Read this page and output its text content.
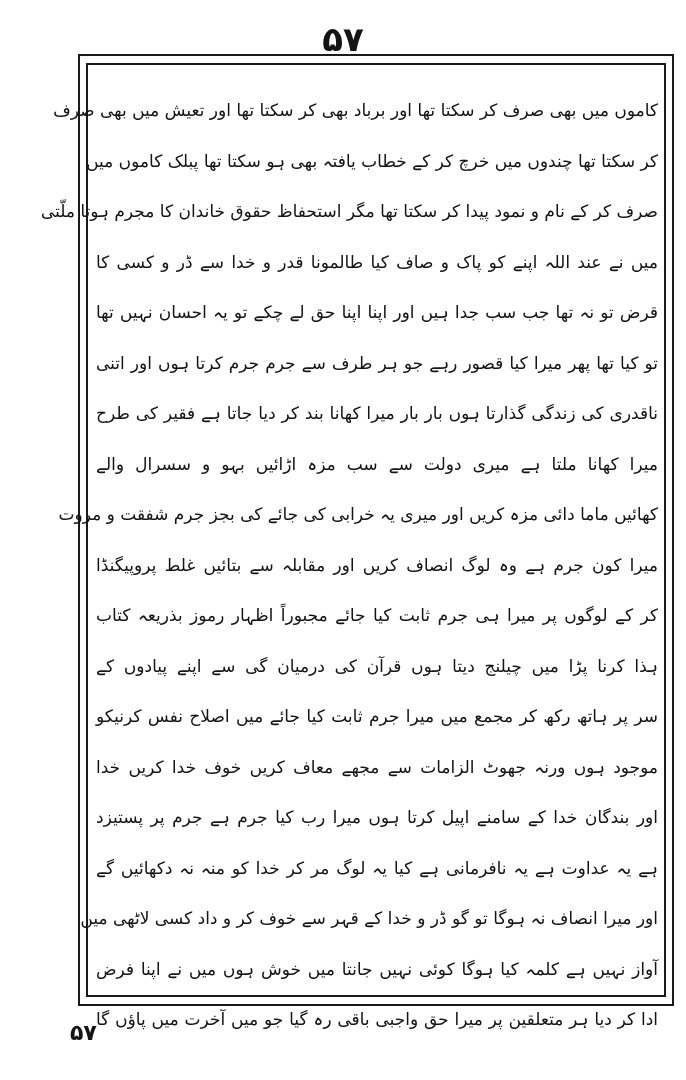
۵۷
کاموں میں بھی صرف کر سکتا تھا اور برباد بھی کر سکتا تھا اور تعیش میں بھی صرف
کر سکتا تھا چندوں میں خرچ کر کے خطاب یافتہ بھی ہو سکتا تھا پبلک کاموں میں
صرف کر کے نام و نمود پیدا کر سکتا تھا مگر استحفاظ حقوق خاندان کا مجرم ہوتا ملّتی
میں نے عند اللہ اپنے کو پاک و صاف کیا طالمونا قدر و خدا سے ڈر و کسی کا
قرض تو نہ تھا جب سب جدا ہیں اور اپنا اپنا حق لے چکے تو یہ احسان نہیں تھا
تو کیا تھا پھر میرا کیا قصور رہے جو ہر طرف سے جرم جرم کرتا ہوں اور اتنی
ناقدری کی زندگی گذارتا ہوں بار بار میرا کھانا بند کر دیا جاتا ہے فقیر کی طرح
میرا کھانا ملتا ہے میری دولت سے سب مزہ اڑائیں بہو و سسرال والے
کھائیں ماما دائی مزہ کریں اور میری یہ خرابی کی جائے کی بجز جرم شفقت و مروت
میرا کون جرم ہے وہ لوگ انصاف کریں اور مقابلہ سے بتائیں غلط پروپیگنڈا
کر کے لوگوں پر میرا ہی جرم ثابت کیا جائے مجبوراً اظہار رموز بذریعہ کتاب
ہذا کرنا پڑا میں چیلنج دیتا ہوں قرآن کی درمیان گی سے اپنے پیادوں کے
سر پر ہاتھ رکھ کر مجمع میں میرا جرم ثابت کیا جائے میں اصلاح نفس کرنیکو
موجود ہوں ورنہ جھوٹ الزامات سے مجھے معاف کریں خوف خدا کریں خدا
اور بندگان خدا کے سامنے اپیل کرتا ہوں میرا رب کیا جرم ہے جرم پر پستیزد
ہے یہ عداوت ہے یہ نافرمانی ہے کیا یہ لوگ مر کر خدا کو منہ نہ دکھائیں گے
اور میرا انصاف نہ ہوگا تو گو ڈر و خدا کے قہر سے خوف کر و داد کسی لاٹھی میں
آواز نہیں ہے کلمہ کیا ہوگا کوئی نہیں جانتا میں خوش ہوں میں نے اپنا فرض
ادا کر دیا ہر متعلقین پر میرا حق واجبی باقی رہ گیا جو میں آخرت میں پاؤں گا
۵۷
